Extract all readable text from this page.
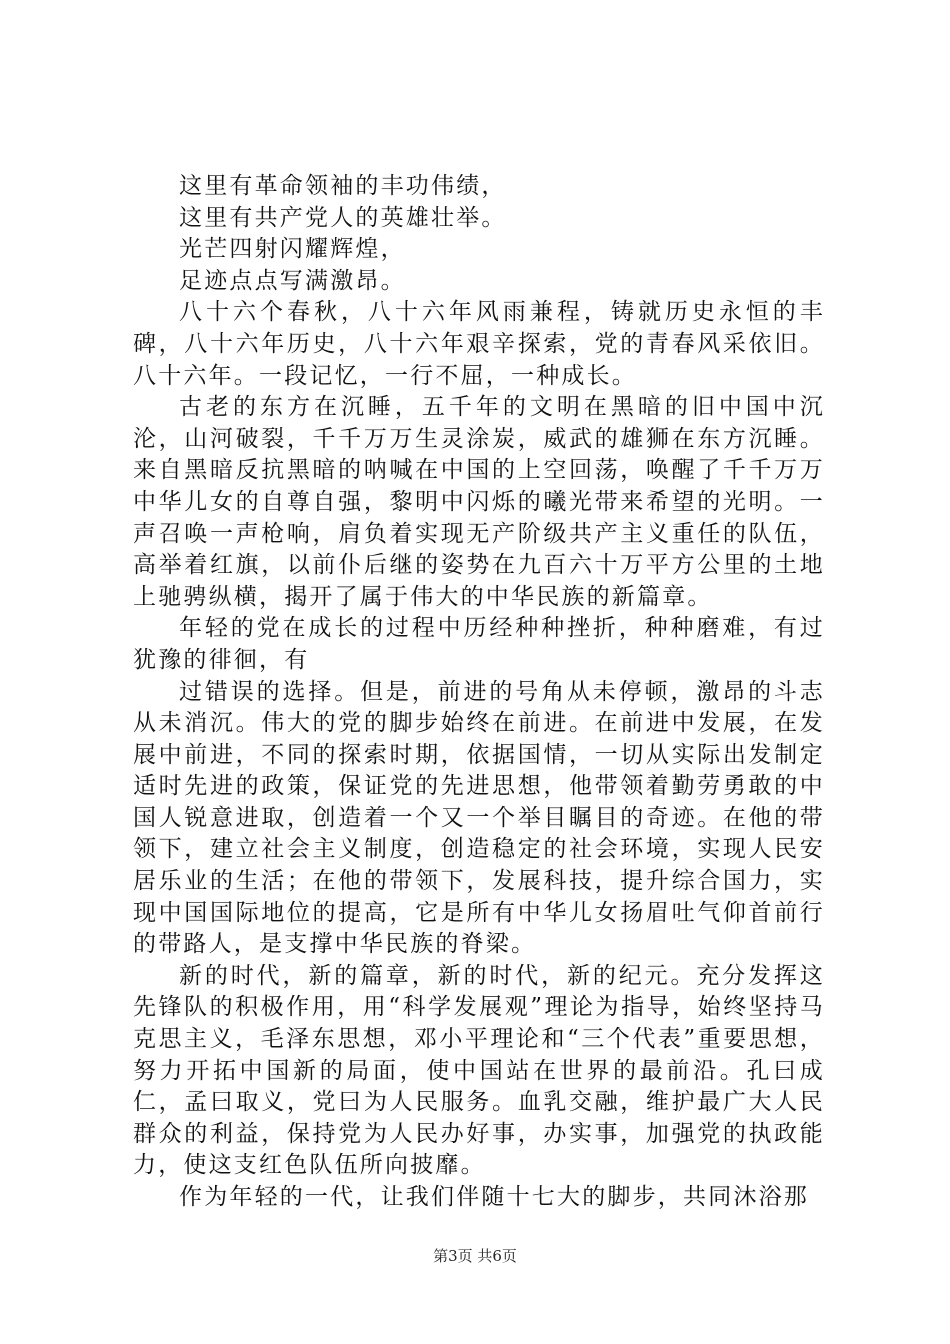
这里有革命领袖的丰功伟绩，

这里有共产党人的英雄壮举。

光芒四射闪耀辉煌，

足迹点点写满激昂。

八十六个春秋，八十六年风雨兼程，铸就历史永恒的丰碑，八十六年历史，八十六年艰辛探索，党的青春风采依旧。八十六年。一段记忆，一行不屈，一种成长。

古老的东方在沉睡，五千年的文明在黑暗的旧中国中沉沦，山河破裂，千千万万生灵涂炭，威武的雄狮在东方沉睡。来自黑暗反抗黑暗的呐喊在中国的上空回荡，唤醒了千千万万中华儿女的自尊自强，黎明中闪烁的曦光带来希望的光明。一声召唤一声枪响，肩负着实现无产阶级共产主义重任的队伍，高举着红旗，以前仆后继的姿势在九百六十万平方公里的土地上驰骋纵横，揭开了属于伟大的中华民族的新篇章。

年轻的党在成长的过程中历经种种挫折，种种磨难，有过犹豫的徘徊，有

过错误的选择。但是，前进的号角从未停顿，激昂的斗志从未消沉。伟大的党的脚步始终在前进。在前进中发展，在发展中前进，不同的探索时期，依据国情，一切从实际出发制定适时先进的政策，保证党的先进思想，他带领着勤劳勇敢的中国人锐意进取，创造着一个又一个举目瞩目的奇迹。在他的带领下，建立社会主义制度，创造稳定的社会环境，实现人民安居乐业的生活；在他的带领下，发展科技，提升综合国力，实现中国国际地位的提高，它是所有中华儿女扬眉吐气仰首前行的带路人，是支撑中华民族的脊梁。

新的时代，新的篇章，新的时代，新的纪元。充分发挥这先锋队的积极作用，用“科学发展观”理论为指导，始终坚持马克思主义，毛泽东思想，邓小平理论和“三个代表”重要思想，努力开拓中国新的局面，使中国站在世界的最前沿。孔曰成仁，孟曰取义，党曰为人民服务。血乳交融，维护最广大人民群众的利益，保持党为人民办好事，办实事，加强党的执政能力，使这支红色队伍所向披靡。

作为年轻的一代，让我们伴随十七大的脚步，共同沐浴那

第3页 共6页
